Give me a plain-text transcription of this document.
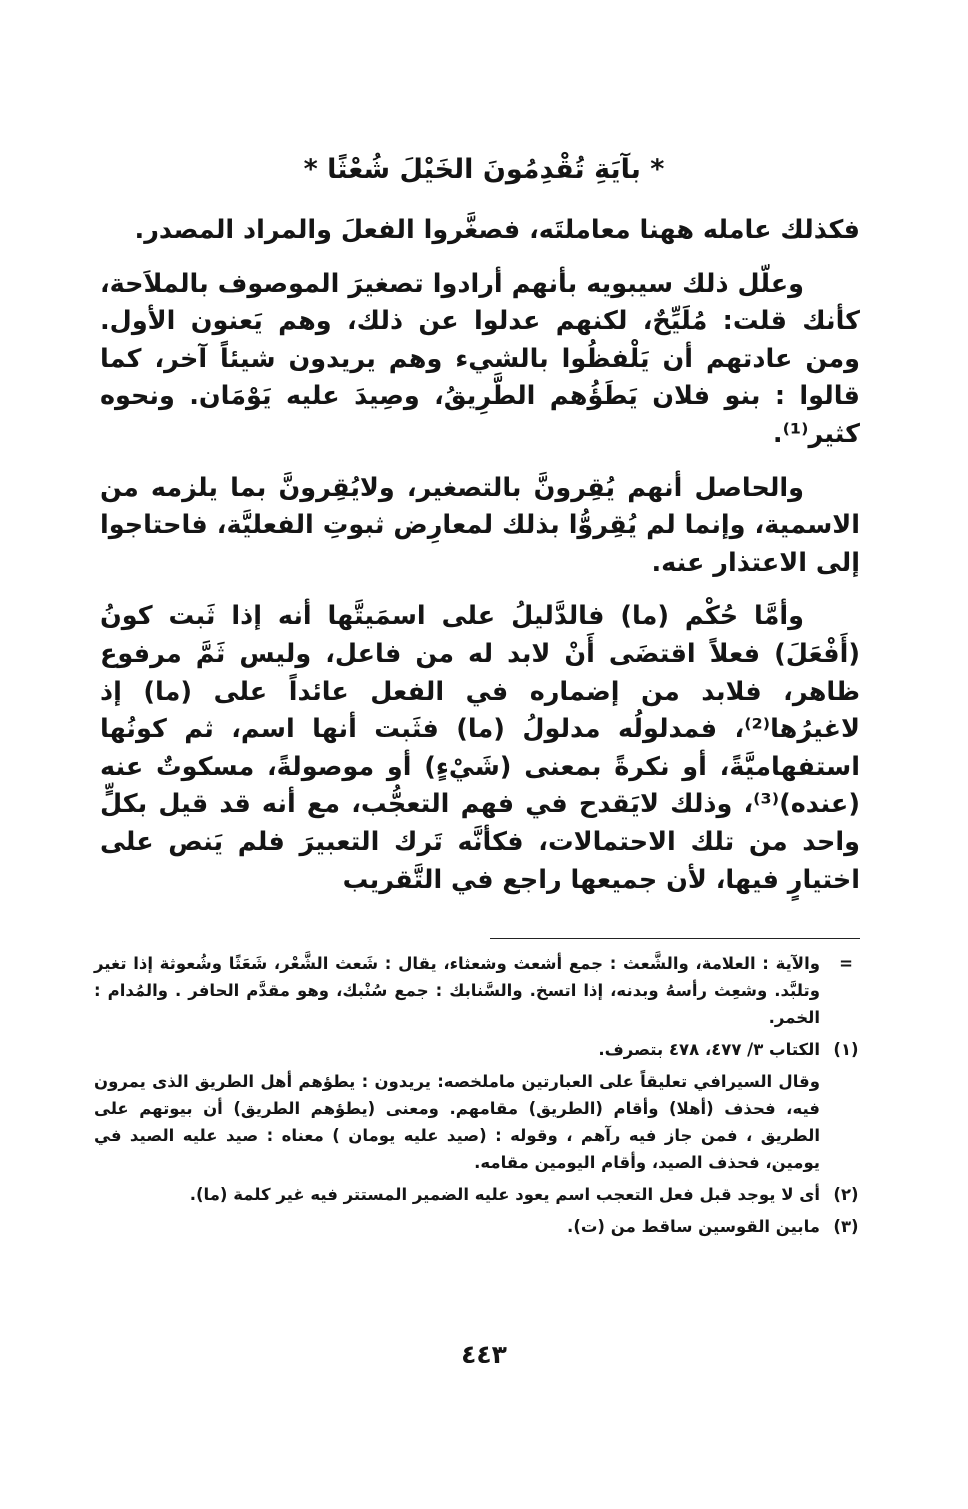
* بآيَةِ تُقْدِمُونَ الخَيْلَ شُعْثًا *

فكذلك عامله ههنا معاملتَه، فصغَّروا الفعلَ والمراد المصدر.

وعلّل ذلك سيبويه بأنهم أرادوا تصغيرَ الموصوف بالملاَحة، كأنك قلت: مُلَيِّحٌ، لكنهم عدلوا عن ذلك، وهم يَعنون الأول. ومن عادتهم أن يَلْفظُوا بالشيء وهم يريدون شيئاً آخر، كما قالوا : بنو فلان يَطَؤُهم الطَّرِيقُ، وصِيدَ عليه يَوْمَان. ونحوه كثير⁽¹⁾.

والحاصل أنهم يُقِرونَّ بالتصغير، ولايُقِرونَّ بما يلزمه من الاسمية، وإنما لم يُقِروُّا بذلك لمعارِض ثبوتِ الفعليَّة، فاحتاجوا إلى الاعتذار عنه.

وأمَّا حُكْم (ما) فالدَّليلُ على اسمَيتَّها أنه إذا ثَبت كونُ (أَفْعَلَ) فعلاً اقتضَى أَنْ لابد له من فاعل، وليس ثَمَّ مرفوع ظاهر، فلابد من إضماره في الفعل عائداً على (ما) إذ لاغيرُها⁽²⁾، فمدلولُه مدلولُ (ما) فثَبت أنها اسم، ثم كونُها استفهاميَّةً، أو نكرةً بمعنى (شَيْءٍ) أو موصولةً، مسكوتٌ عنه (عنده)⁽³⁾، وذلك لايَقدح في فهم التعجُّب، مع أنه قد قيل بكلٍّ واحد من تلك الاحتمالات، فكأنَّه تَرك التعبيرَ فلم يَنص على اختيارٍ فيها، لأن جميعها راجع في التَّقريب

=
والآية : العلامة، والشَّعث : جمع أشعث وشعثاء، يقال : شَعث الشَّعْر، شَعَثًا وشُعوثة إذا تغير وتلبَّد. وشعِث رأسهُ وبدنه، إذا اتسخ. والسَّنابك : جمع سُنْبك، وهو مقدَّم الحافر . والمُدام : الخمر.
(١)
الكتاب ٣/ ٤٧٧، ٤٧٨ بتصرف.
وقال السيرافي تعليقاً على العبارتين ماملخصه: يريدون : يطؤهم أهل الطريق الذى يمرون فيه، فحذف (أهلا) وأقام (الطريق) مقامهم. ومعنى (يطؤهم الطريق) أن بيوتهم على الطريق ، فمن جاز فيه رآهم ، وقوله : (صيد عليه يومان ) معناه : صيد عليه الصيد في يومين، فحذف الصيد، وأقام اليومين مقامه.
(٢)
أى لا يوجد قبل فعل التعجب اسم يعود عليه الضمير المستتر فيه غير كلمة (ما).
(٣)
مابين القوسين ساقط من (ت).
٤٤٣
